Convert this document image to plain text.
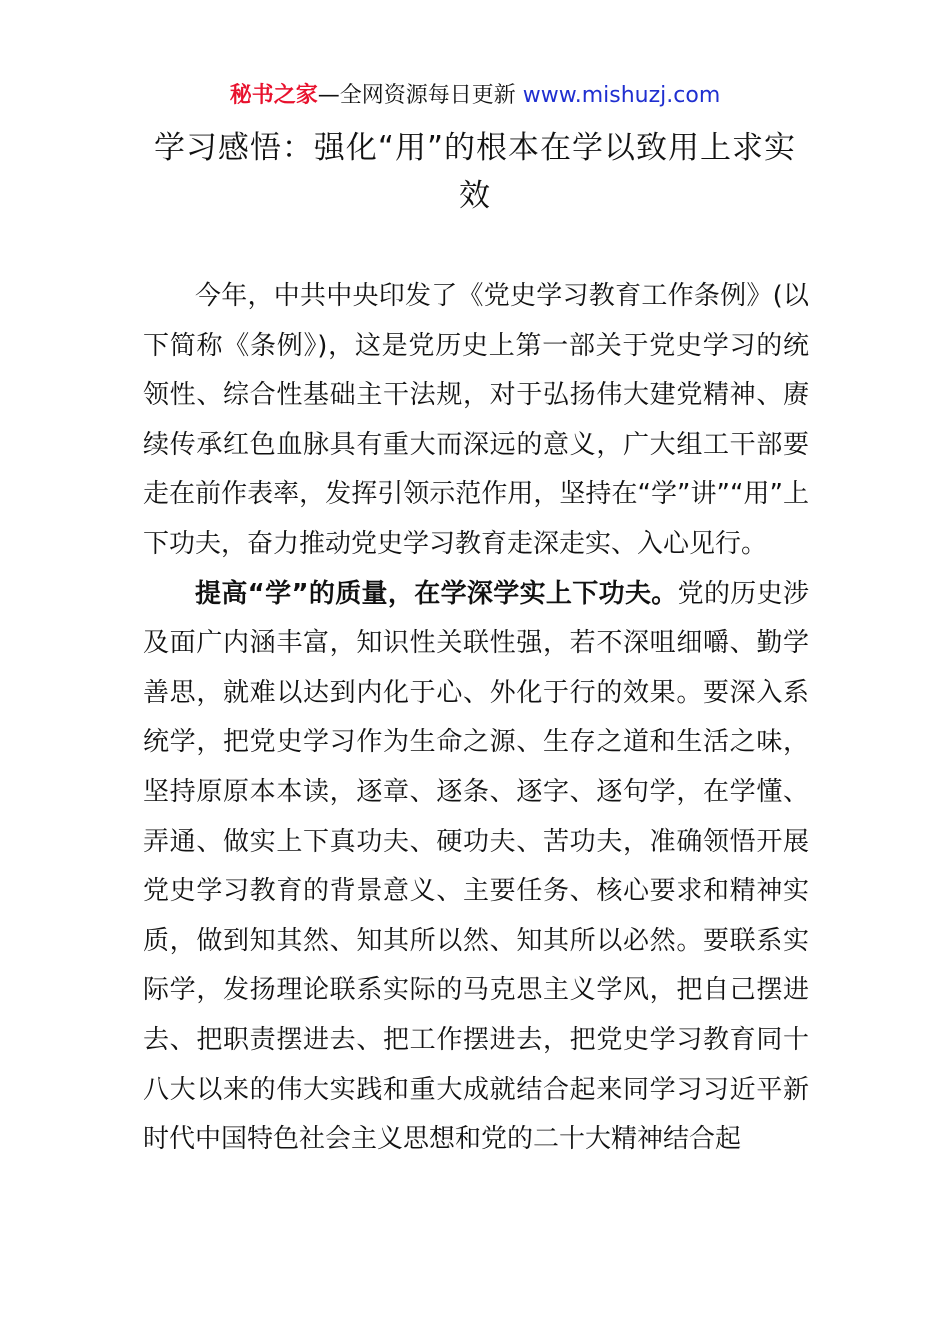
秘书之家—全网资源每日更新 www.mishuzj.com
学习感悟：强化“用”的根本在学以致用上求实效

今年，中共中央印发了《党史学习教育工作条例》(以下简称《条例》)，这是党历史上第一部关于党史学习的统领性、综合性基础主干法规，对于弘扬伟大建党精神、赓续传承红色血脉具有重大而深远的意义，广大组工干部要走在前作表率，发挥引领示范作用，坚持在“学”讲”“用”上下功夫，奋力推动党史学习教育走深走实、入心见行。

提高“学”的质量，在学深学实上下功夫。党的历史涉及面广内涵丰富，知识性关联性强，若不深咀细嚼、勤学善思，就难以达到内化于心、外化于行的效果。要深入系统学，把党史学习作为生命之源、生存之道和生活之味，坚持原原本本读，逐章、逐条、逐字、逐句学，在学懂、弄通、做实上下真功夫、硬功夫、苦功夫，准确领悟开展党史学习教育的背景意义、主要任务、核心要求和精神实质，做到知其然、知其所以然、知其所以必然。要联系实际学，发扬理论联系实际的马克思主义学风，把自己摆进去、把职责摆进去、把工作摆进去，把党史学习教育同十八大以来的伟大实践和重大成就结合起来同学习习近平新时代中国特色社会主义思想和党的二十大精神结合起
